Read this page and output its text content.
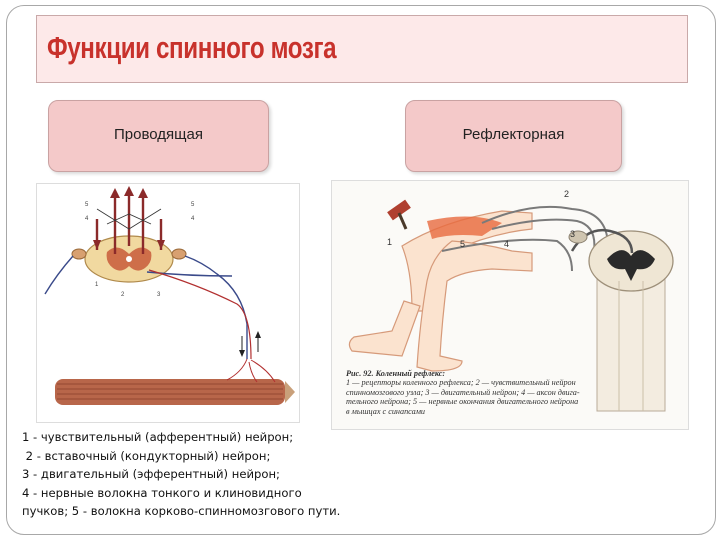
Функции спинного мозга
Проводящая	Рефлекторная
5
4
5
4
1
2	3
1	5	4
2
3
Рис. 92. Коленный рефлекс:
1 — рецепторы коленного рефлекса; 2 — чувствительный нейрон
спинномозгового узла; 3 — двигательный нейрон; 4 — аксон двига-
тельного нейрона; 5 — нервные окончания двигательного нейрона
в мышцах с синапсами
1 - чувствительный (афферентный) нейрон;
2 - вставочный (кондукторный) нейрон;
3 - двигательный (эфферентный) нейрон;
4 - нервные волокна тонкого и клиновидного
пучков; 5 - волокна корково-спинномозгового пути.
